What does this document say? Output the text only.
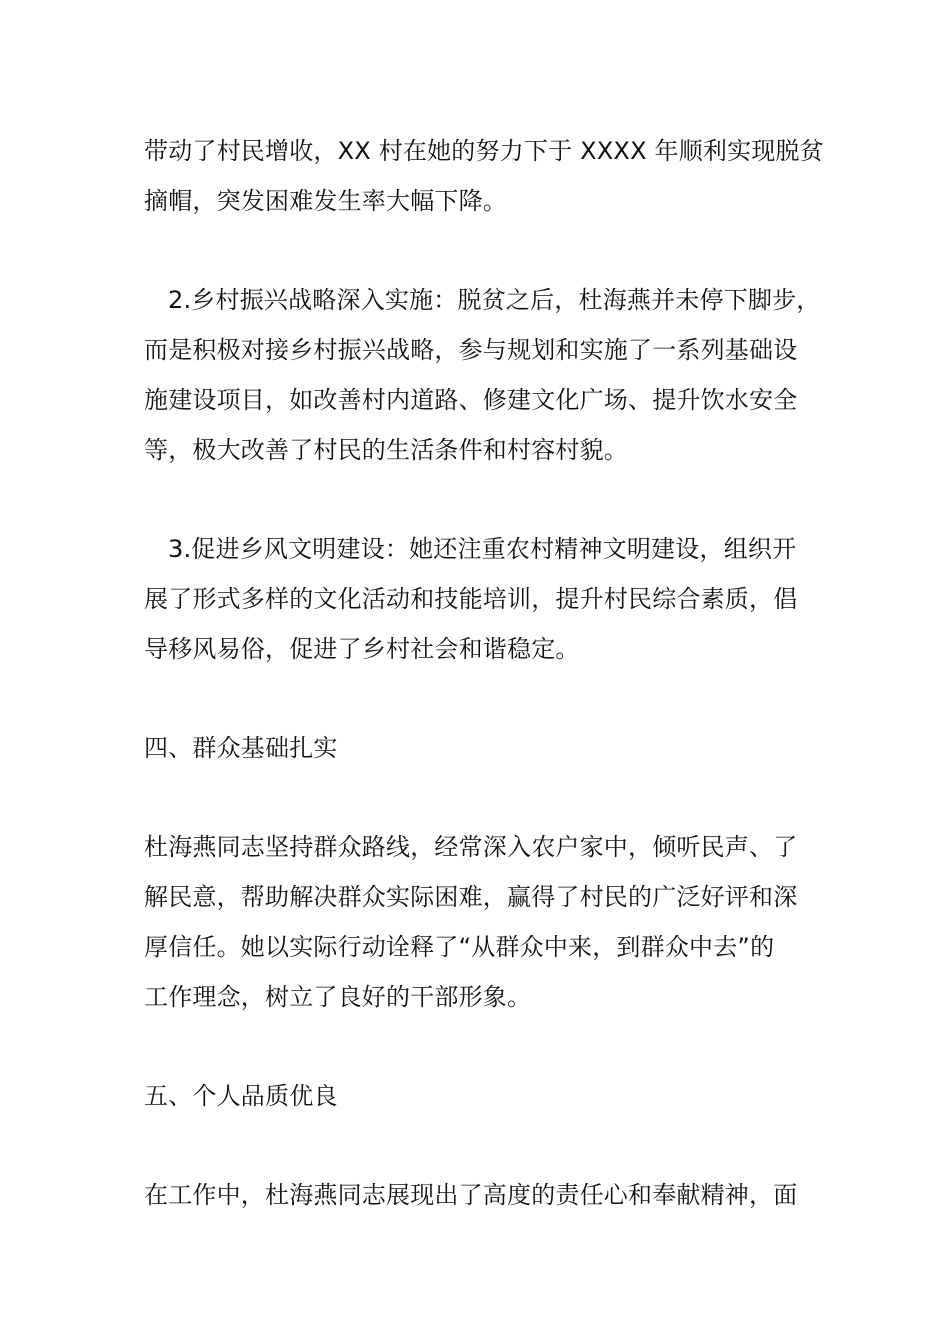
带动了村民增收，XX 村在她的努力下于 XXXX 年顺利实现脱贫
摘帽，突发困难发生率大幅下降。
2.乡村振兴战略深入实施：脱贫之后，杜海燕并未停下脚步，
而是积极对接乡村振兴战略，参与规划和实施了一系列基础设
施建设项目，如改善村内道路、修建文化广场、提升饮水安全
等，极大改善了村民的生活条件和村容村貌。
3.促进乡风文明建设：她还注重农村精神文明建设，组织开
展了形式多样的文化活动和技能培训，提升村民综合素质，倡
导移风易俗，促进了乡村社会和谐稳定。
四、群众基础扎实
杜海燕同志坚持群众路线，经常深入农户家中，倾听民声、了
解民意，帮助解决群众实际困难，赢得了村民的广泛好评和深
厚信任。她以实际行动诠释了“从群众中来，到群众中去”的
工作理念，树立了良好的干部形象。
五、个人品质优良
在工作中，杜海燕同志展现出了高度的责任心和奉献精神，面
